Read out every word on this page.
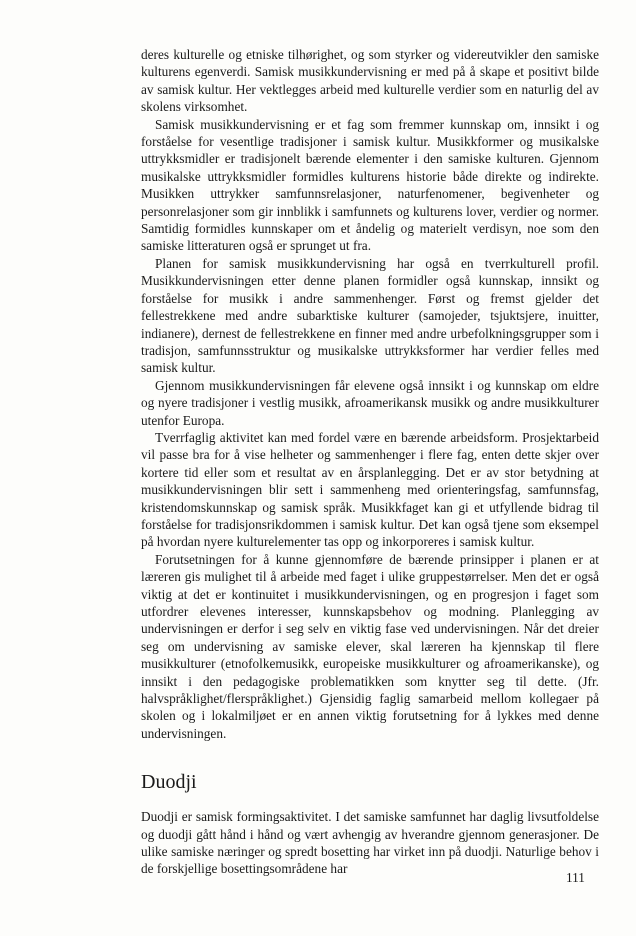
deres kulturelle og etniske tilhørighet, og som styrker og videreutvikler den samiske kulturens egenverdi. Samisk musikkundervisning er med på å skape et positivt bilde av samisk kultur. Her vektlegges arbeid med kulturelle verdier som en naturlig del av skolens virksomhet.

Samisk musikkundervisning er et fag som fremmer kunnskap om, innsikt i og forståelse for vesentlige tradisjoner i samisk kultur. Musikkformer og musikalske uttrykksmidler er tradisjonelt bærende elementer i den samiske kulturen. Gjennom musikalske uttrykksmidler formidles kulturens historie både direkte og indirekte. Musikken uttrykker samfunnsrelasjoner, naturfenomener, begivenheter og personrelasjoner som gir innblikk i samfunnets og kulturens lover, verdier og normer. Samtidig formidles kunnskaper om et åndelig og materielt verdisyn, noe som den samiske litteraturen også er sprunget ut fra.

Planen for samisk musikkundervisning har også en tverrkulturell profil. Musikkundervisningen etter denne planen formidler også kunnskap, innsikt og forståelse for musikk i andre sammenhenger. Først og fremst gjelder det fellestrekkene med andre subarktiske kulturer (samojeder, tsjuktsjere, inuitter, indianere), dernest de fellestrekkene en finner med andre urbefolkningsgrupper som i tradisjon, samfunnsstruktur og musikalske uttrykksformer har verdier felles med samisk kultur.

Gjennom musikkundervisningen får elevene også innsikt i og kunnskap om eldre og nyere tradisjoner i vestlig musikk, afroamerikansk musikk og andre musikkulturer utenfor Europa.

Tverrfaglig aktivitet kan med fordel være en bærende arbeidsform. Prosjektarbeid vil passe bra for å vise helheter og sammenhenger i flere fag, enten dette skjer over kortere tid eller som et resultat av en årsplanlegging. Det er av stor betydning at musikkundervisningen blir sett i sammenheng med orienteringsfag, samfunnsfag, kristendomskunnskap og samisk språk. Musikkfaget kan gi et utfyllende bidrag til forståelse for tradisjonsrikdommen i samisk kultur. Det kan også tjene som eksempel på hvordan nyere kulturelementer tas opp og inkorporeres i samisk kultur.

Forutsetningen for å kunne gjennomføre de bærende prinsipper i planen er at læreren gis mulighet til å arbeide med faget i ulike gruppestørrelser. Men det er også viktig at det er kontinuitet i musikkundervisningen, og en progresjon i faget som utfordrer elevenes interesser, kunnskapsbehov og modning. Planlegging av undervisningen er derfor i seg selv en viktig fase ved undervisningen. Når det dreier seg om undervisning av samiske elever, skal læreren ha kjennskap til flere musikkulturer (etnofolkemusikk, europeiske musikkulturer og afroamerikanske), og innsikt i den pedagogiske problematikken som knytter seg til dette. (Jfr. halvspråklighet/flerspråklighet.) Gjensidig faglig samarbeid mellom kollegaer på skolen og i lokalmiljøet er en annen viktig forutsetning for å lykkes med denne undervisningen.

Duodji

Duodji er samisk formingsaktivitet. I det samiske samfunnet har daglig livsutfoldelse og duodji gått hånd i hånd og vært avhengig av hverandre gjennom generasjoner. De ulike samiske næringer og spredt bosetting har virket inn på duodji. Naturlige behov i de forskjellige bosettingsområdene har

111
